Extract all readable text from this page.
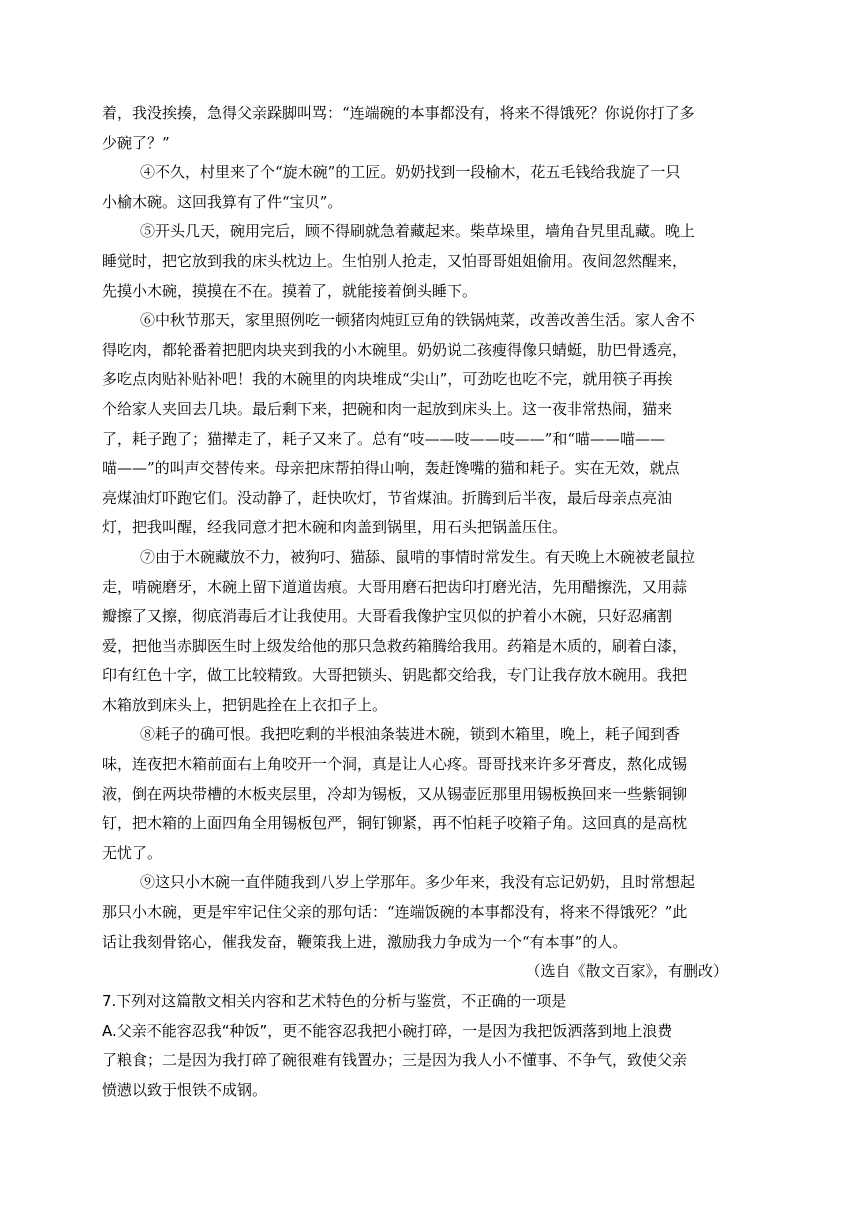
着，我没挨揍，急得父亲跺脚叫骂：“连端碗的本事都没有，将来不得饿死？你说你打了多
少碗了？”
④不久，村里来了个“旋木碗”的工匠。奶奶找到一段榆木，花五毛钱给我旋了一只
小榆木碗。这回我算有了件“宝贝”。
⑤开头几天，碗用完后，顾不得刷就急着藏起来。柴草垛里，墙角旮旯里乱藏。晚上
睡觉时，把它放到我的床头枕边上。生怕别人抢走，又怕哥哥姐姐偷用。夜间忽然醒来，
先摸小木碗，摸摸在不在。摸着了，就能接着倒头睡下。
⑥中秋节那天，家里照例吃一顿猪肉炖豇豆角的铁锅炖菜，改善改善生活。家人舍不
得吃肉，都轮番着把肥肉块夹到我的小木碗里。奶奶说二孩瘦得像只蜻蜓，肋巴骨透亮，
多吃点肉贴补贴补吧！我的木碗里的肉块堆成“尖山”，可劲吃也吃不完，就用筷子再挨
个给家人夹回去几块。最后剩下来，把碗和肉一起放到床头上。这一夜非常热闹，猫来
了，耗子跑了；猫撵走了，耗子又来了。总有“吱——吱——吱——”和“喵——喵——
喵——”的叫声交替传来。母亲把床帮拍得山响，轰赶馋嘴的猫和耗子。实在无效，就点
亮煤油灯吓跑它们。没动静了，赶快吹灯，节省煤油。折腾到后半夜，最后母亲点亮油
灯，把我叫醒，经我同意才把木碗和肉盖到锅里，用石头把锅盖压住。
⑦由于木碗藏放不力，被狗叼、猫舔、鼠啃的事情时常发生。有天晚上木碗被老鼠拉
走，啃碗磨牙，木碗上留下道道齿痕。大哥用磨石把齿印打磨光洁，先用醋擦洗，又用蒜
瓣擦了又擦，彻底消毒后才让我使用。大哥看我像护宝贝似的护着小木碗，只好忍痛割
爱，把他当赤脚医生时上级发给他的那只急救药箱腾给我用。药箱是木质的，刷着白漆，
印有红色十字，做工比较精致。大哥把锁头、钥匙都交给我，专门让我存放木碗用。我把
木箱放到床头上，把钥匙拴在上衣扣子上。
⑧耗子的确可恨。我把吃剩的半根油条装进木碗，锁到木箱里，晚上，耗子闻到香
味，连夜把木箱前面右上角咬开一个洞，真是让人心疼。哥哥找来许多牙膏皮，熬化成锡
液，倒在两块带槽的木板夹层里，冷却为锡板，又从锡壶匠那里用锡板换回来一些紫铜铆
钉，把木箱的上面四角全用锡板包严，铜钉铆紧，再不怕耗子咬箱子角。这回真的是高枕
无忧了。
⑨这只小木碗一直伴随我到八岁上学那年。多少年来，我没有忘记奶奶，且时常想起
那只小木碗，更是牢牢记住父亲的那句话：“连端饭碗的本事都没有，将来不得饿死？”此
话让我刻骨铭心，催我发奋，鞭策我上进，激励我力争成为一个“有本事”的人。
（选自《散文百家》，有删改）
7.下列对这篇散文相关内容和艺术特色的分析与鉴赏，不正确的一项是
A.父亲不能容忍我“种饭”，更不能容忍我把小碗打碎，一是因为我把饭洒落到地上浪费
了粮食；二是因为我打碎了碗很难有钱置办；三是因为我人小不懂事、不争气，致使父亲
愤懑以致于恨铁不成钢。
